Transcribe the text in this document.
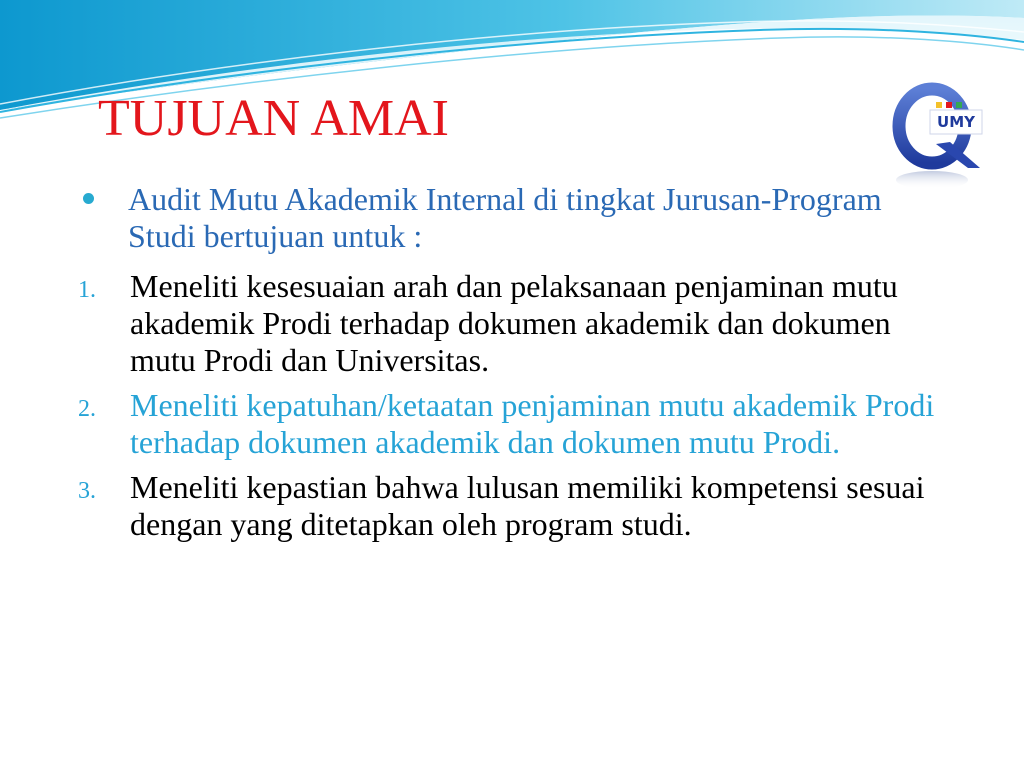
TUJUAN AMAI	UMY
Audit Mutu Akademik Internal di tingkat Jurusan-Program Studi bertujuan untuk :
1. Meneliti kesesuaian arah dan pelaksanaan penjaminan mutu akademik Prodi terhadap dokumen akademik dan dokumen mutu Prodi dan Universitas.
2. Meneliti kepatuhan/ketaatan penjaminan mutu akademik Prodi terhadap dokumen akademik dan dokumen mutu Prodi.
3. Meneliti kepastian bahwa lulusan memiliki kompetensi sesuai dengan yang ditetapkan oleh program studi.
